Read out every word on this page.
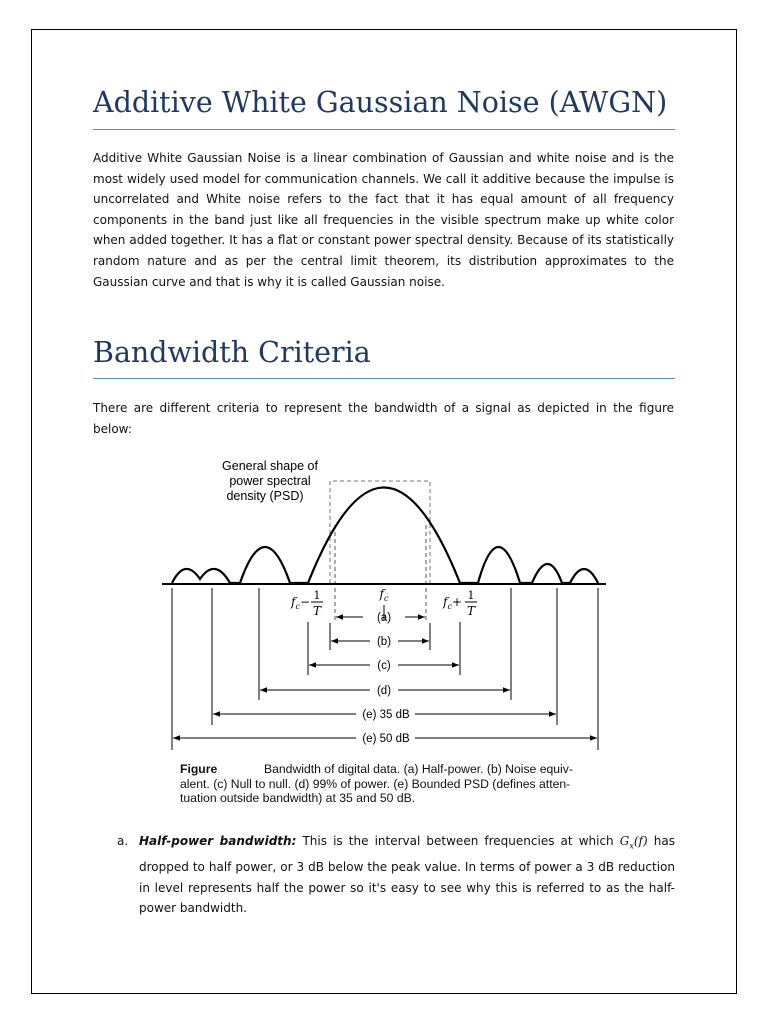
Additive White Gaussian Noise (AWGN)

Additive White Gaussian Noise is a linear combination of Gaussian and white noise and is the most widely used model for communication channels. We call it additive because the impulse is uncorrelated and White noise refers to the fact that it has equal amount of all frequency components in the band just like all frequencies in the visible spectrum make up white color when added together. It has a flat or constant power spectral density. Because of its statistically random nature and as per the central limit theorem, its distribution approximates to the Gaussian curve and that is why it is called Gaussian noise.

Bandwidth Criteria

There are different criteria to represent the bandwidth of a signal as depicted in the figure below:

General shape of
power spectral
density (PSD)
$f_c$
$f_c- 1$
T
$f_c+ 1$
T
(a)
(b)
(c)
(d)
(e) 35 dB
(e) 50 dB

Figure	Bandwidth of digital data. (a) Half-power. (b) Noise equiv-
alent. (c) Null to null. (d) 99% of power. (e) Bounded PSD (defines atten-
tuation outside bandwidth) at 35 and 50 dB.

a. Half-power bandwidth: This is the interval between frequencies at which $G_x(f)$ has dropped to half power, or 3 dB below the peak value. In terms of power a 3 dB reduction in level represents half the power so it's easy to see why this is referred to as the half-power bandwidth.
